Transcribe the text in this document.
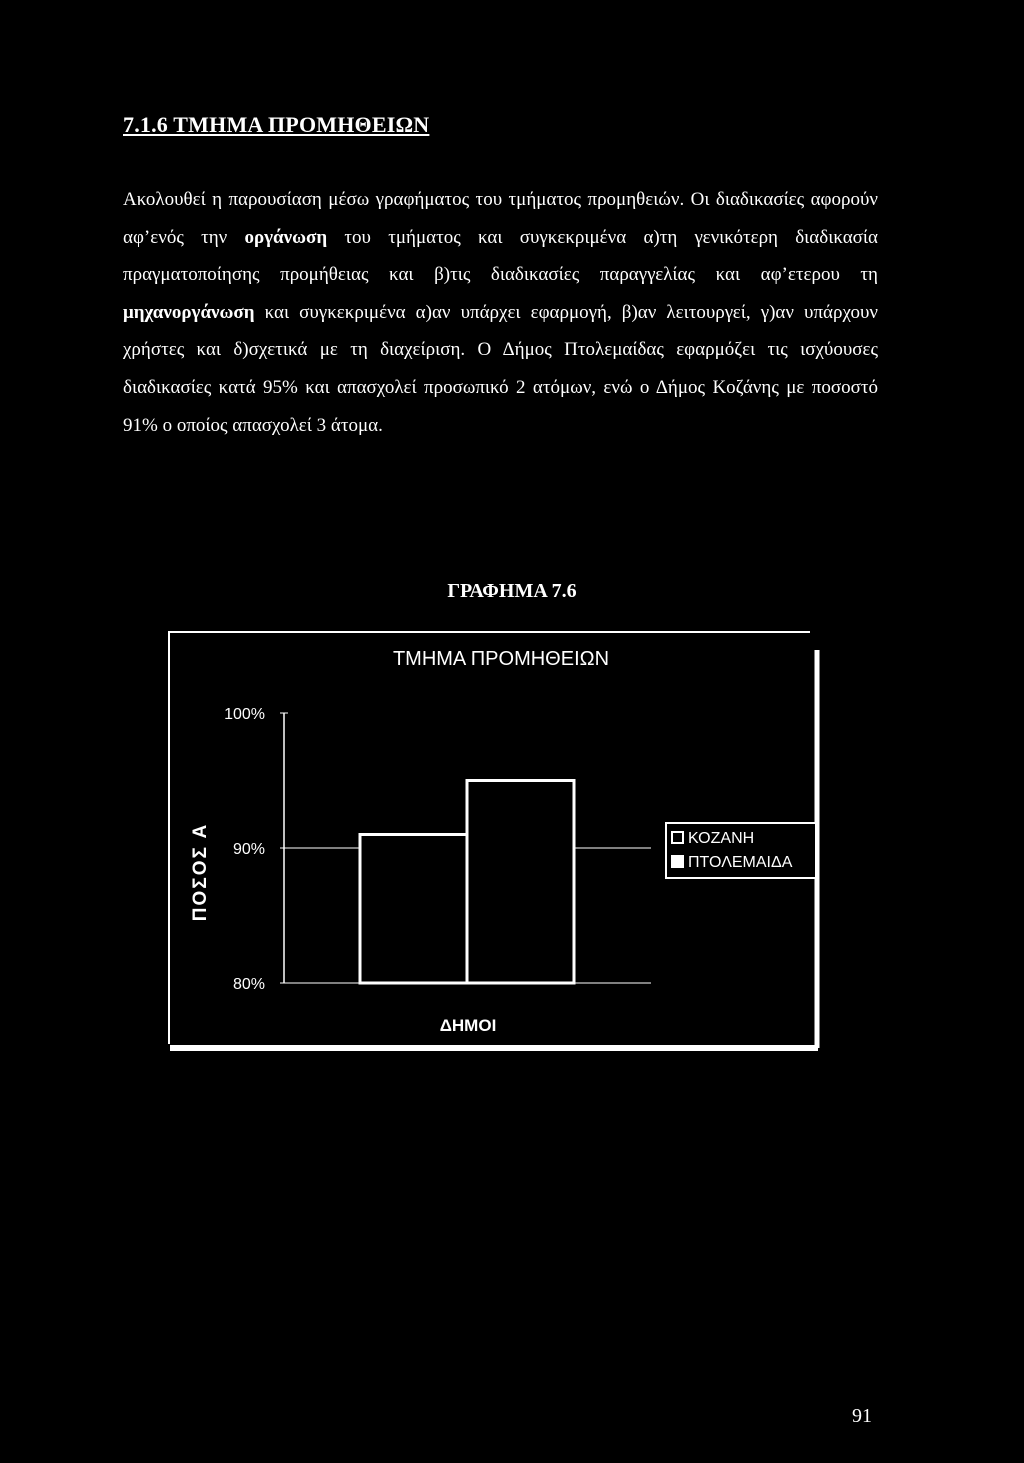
7.1.6 ΤΜΗΜΑ ΠΡΟΜΗΘΕΙΩΝ

Ακολουθεί η παρουσίαση μέσω γραφήματος του τμήματος προμηθειών. Οι διαδικασίες αφορούν αφ’ενός την οργάνωση του τμήματος και συγκεκριμένα α)τη γενικότερη διαδικασία πραγματοποίησης προμήθειας και β)τις διαδικασίες παραγγελίας και αφ’ετερου τη μηχανοργάνωση και συγκεκριμένα α)αν υπάρχει εφαρμογή, β)αν λειτουργεί, γ)αν υπάρχουν χρήστες και δ)σχετικά με τη διαχείριση. Ο Δήμος Πτολεμαίδας εφαρμόζει τις ισχύουσες διαδικασίες κατά 95% και απασχολεί προσωπικό 2 ατόμων, ενώ ο Δήμος Κοζάνης με ποσοστό 91% ο οποίος απασχολεί 3 άτομα.

ΓΡΑΦΗΜΑ 7.6
ΤΜΗΜΑ ΠΡΟΜΗΘΕΙΩΝ
ΠΟΣΟΣ Α
ΔΗΜΟΙ
80%
90%
100%
ΚΟΖΑΝΗ
ΠΤΟΛΕΜΑΙΔΑ
91
